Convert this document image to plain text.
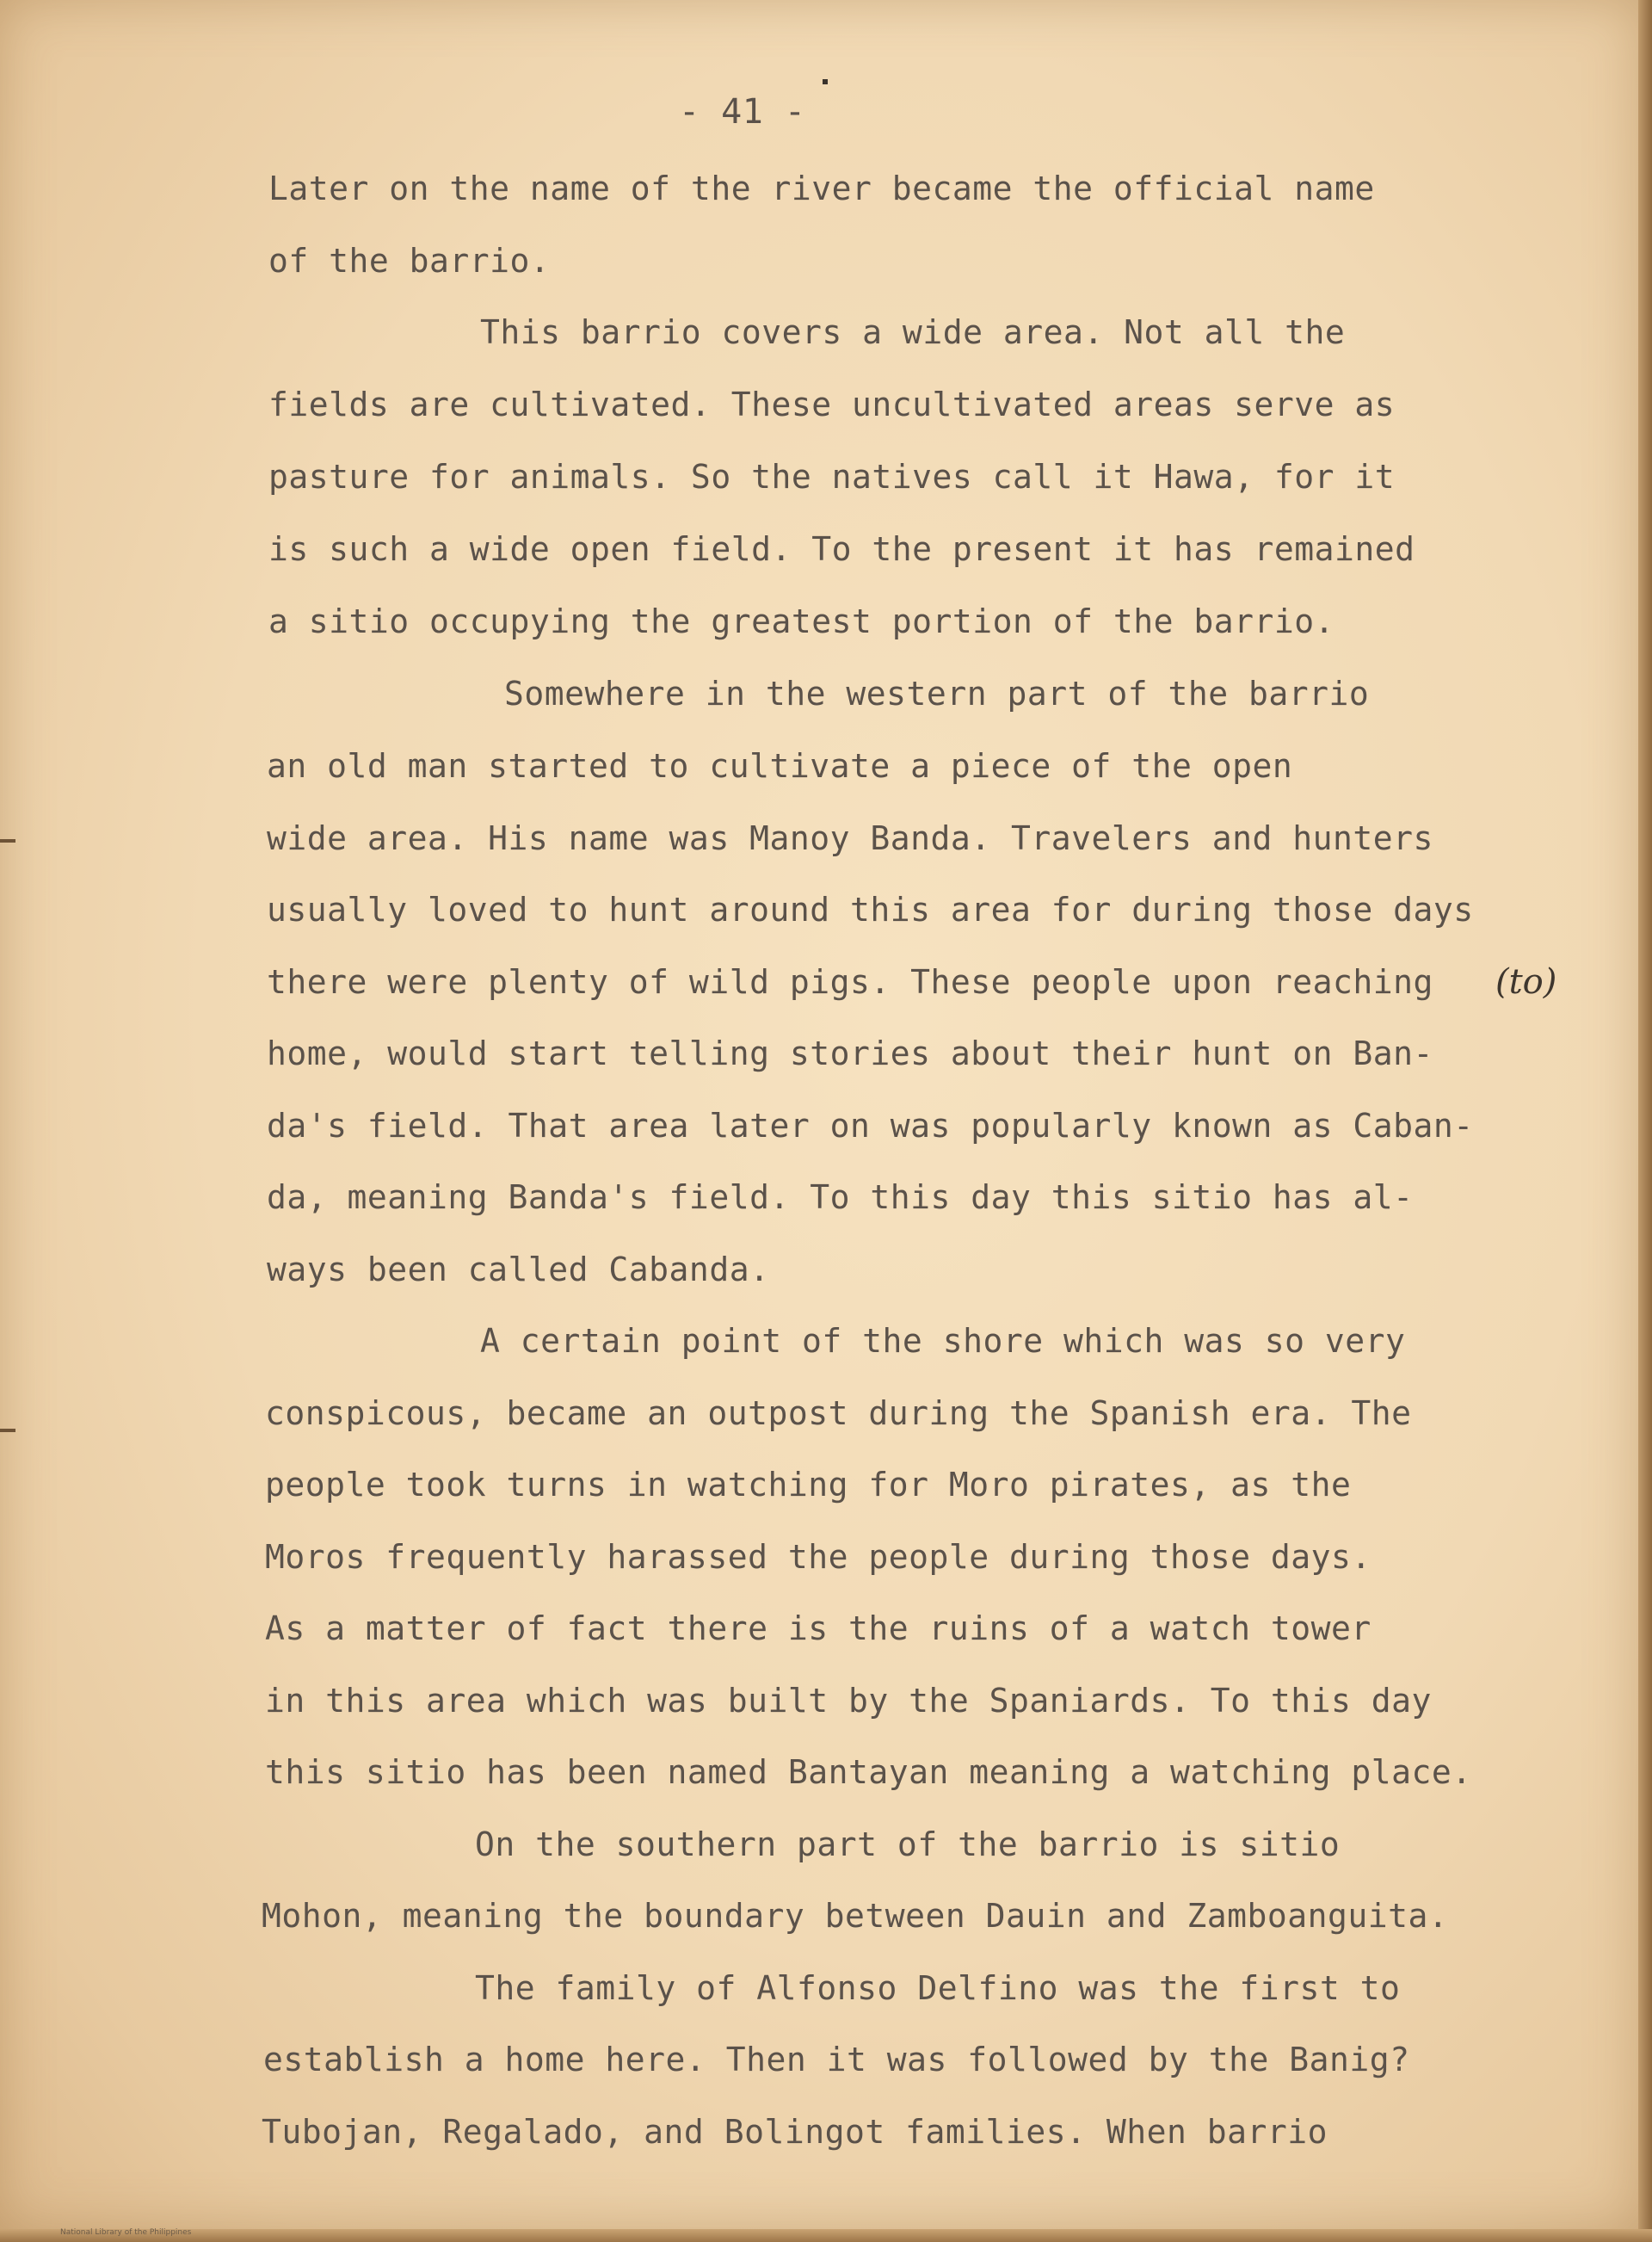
- 41 -

Later on the name of the river became the official name

of the barrio.

This barrio covers a wide area. Not all the

fields are cultivated. These uncultivated areas serve as

pasture for animals. So the natives call it Hawa, for it

is such a wide open field. To the present it has remained

a sitio occupying the greatest portion of the barrio.

Somewhere in the western part of the barrio

an old man started to cultivate a piece of the open

wide area. His name was Manoy Banda. Travelers and hunters

usually loved to hunt around this area for during those days

there were plenty of wild pigs. These people upon reaching (to)

home, would start telling stories about their hunt on Ban-

da's field. That area later on was popularly known as Caban-

da, meaning Banda's field. To this day this sitio has al-

ways been called Cabanda.

A certain point of the shore which was so very

conspicous, became an outpost during the Spanish era. The

people took turns in watching for Moro pirates, as the

Moros frequently harassed the people during those days.

As a matter of fact there is the ruins of a watch tower

in this area which was built by the Spaniards. To this day

this sitio has been named Bantayan meaning a watching place.

On the southern part of the barrio is sitio

Mohon, meaning the boundary between Dauin and Zamboanguita.

The family of Alfonso Delfino was the first to

establish a home here. Then it was followed by the Banig?

Tubojan, Regalado, and Bolingot families. When barrio

National Library of the Philippines
